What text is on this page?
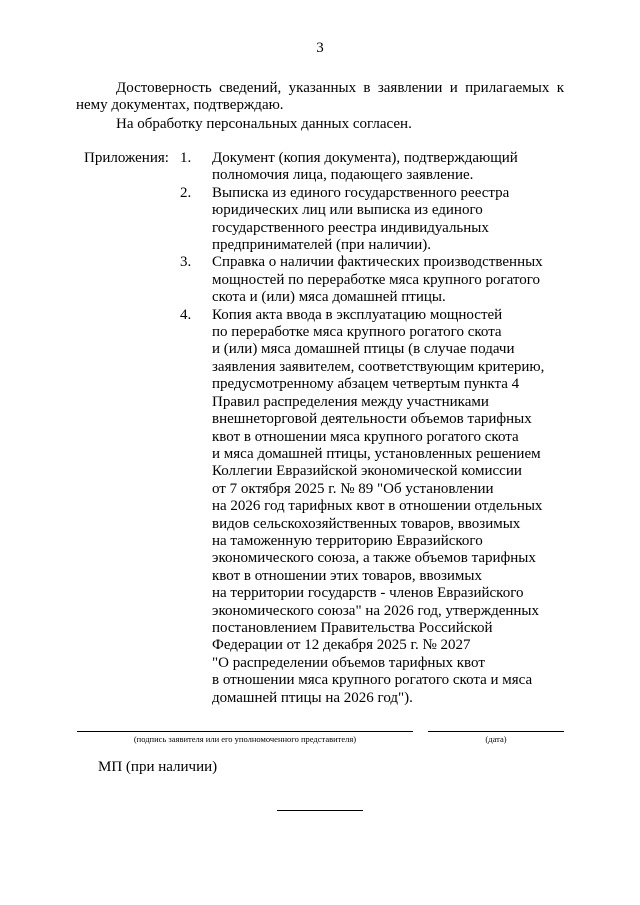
3
Достоверность сведений, указанных в заявлении и прилагаемых к нему документах, подтверждаю.
На обработку персональных данных согласен.
Приложения: 1.	Документ (копия документа), подтверждающий
полномочия лица, подающего заявление.
2.	Выписка из единого государственного реестра
юридических лиц или выписка из единого
государственного реестра индивидуальных
предпринимателей (при наличии).
3.	Справка о наличии фактических производственных
мощностей по переработке мяса крупного рогатого
скота и (или) мяса домашней птицы.
4.	Копия акта ввода в эксплуатацию мощностей
по переработке мяса крупного рогатого скота
и (или) мяса домашней птицы (в случае подачи
заявления заявителем, соответствующим критерию,
предусмотренному абзацем четвертым пункта 4
Правил распределения между участниками
внешнеторговой деятельности объемов тарифных
квот в отношении мяса крупного рогатого скота
и мяса домашней птицы, установленных решением
Коллегии Евразийской экономической комиссии
от 7 октября 2025 г. № 89 "Об установлении
на 2026 год тарифных квот в отношении отдельных
видов сельскохозяйственных товаров, ввозимых
на таможенную территорию Евразийского
экономического союза, а также объемов тарифных
квот в отношении этих товаров, ввозимых
на территории государств - членов Евразийского
экономического союза" на 2026 год, утвержденных
постановлением Правительства Российской
Федерации от 12 декабря 2025 г. № 2027
"О распределении объемов тарифных квот
в отношении мяса крупного рогатого скота и мяса
домашней птицы на 2026 год").
(подпись заявителя или его уполномоченного представителя)	(дата)
МП (при наличии)
